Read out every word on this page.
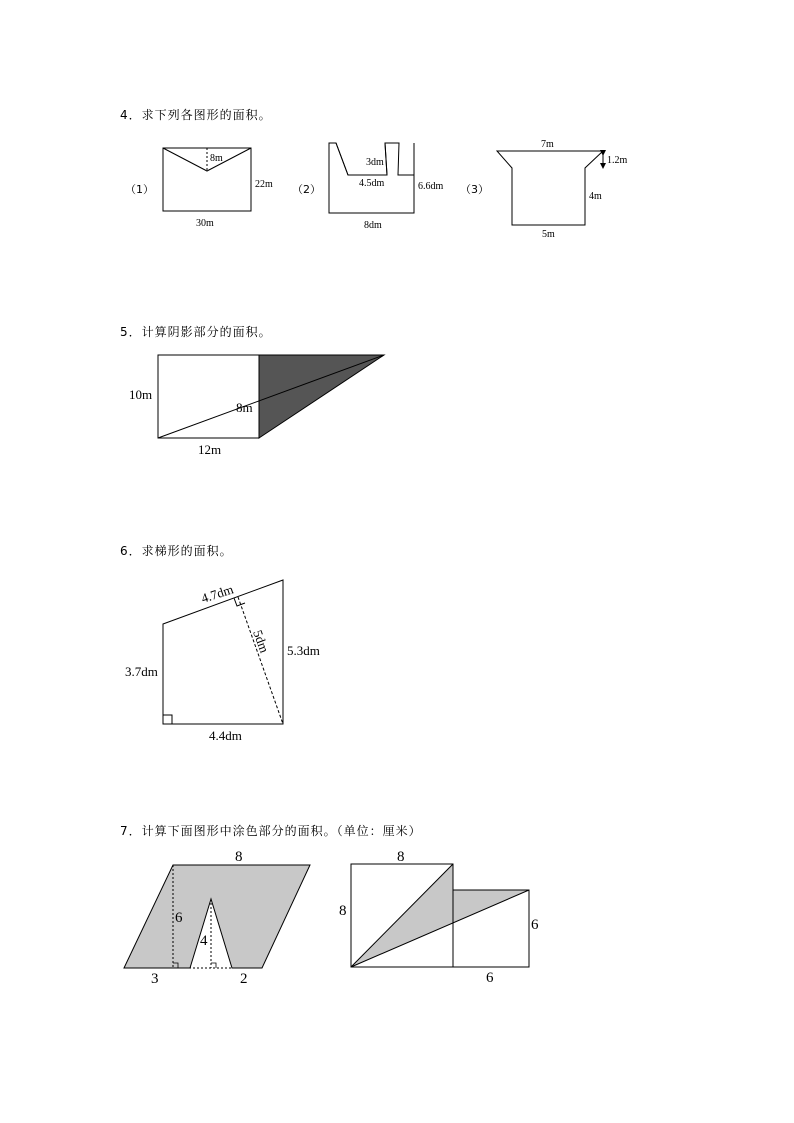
4．求下列各图形的面积。
5．计算阴影部分的面积。
6．求梯形的面积。
7．计算下面图形中涂色部分的面积。（单位：厘米）
（1）
8m
22m
30m
（2）
3dm
4.5dm	6.6dm
8dm
（3）
7m
1.2m
4m
5m
10m
8m
12m
4.7dm
5dm 5.3dm
3.7dm
4.4dm
8
6
4
3	2
8
8
6
6
